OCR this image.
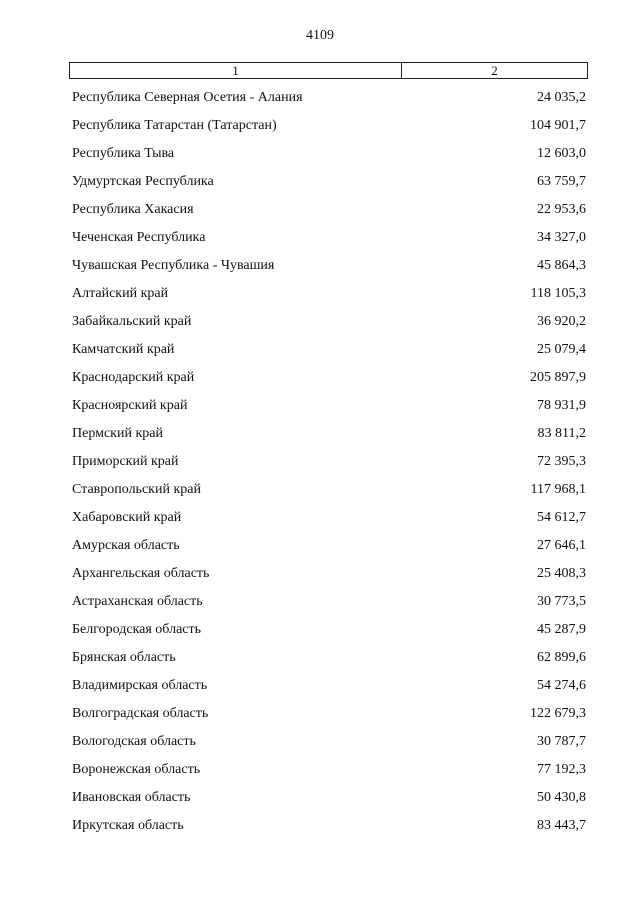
4109
1	2
Республика Северная Осетия - Алания	24 035,2
Республика Татарстан (Татарстан)	104 901,7
Республика Тыва	12 603,0
Удмуртская Республика	63 759,7
Республика Хакасия	22 953,6
Чеченская Республика	34 327,0
Чувашская Республика - Чувашия	45 864,3
Алтайский край	118 105,3
Забайкальский край	36 920,2
Камчатский край	25 079,4
Краснодарский край	205 897,9
Красноярский край	78 931,9
Пермский край	83 811,2
Приморский край	72 395,3
Ставропольский край	117 968,1
Хабаровский край	54 612,7
Амурская область	27 646,1
Архангельская область	25 408,3
Астраханская область	30 773,5
Белгородская область	45 287,9
Брянская область	62 899,6
Владимирская область	54 274,6
Волгоградская область	122 679,3
Вологодская область	30 787,7
Воронежская область	77 192,3
Ивановская область	50 430,8
Иркутская область	83 443,7
